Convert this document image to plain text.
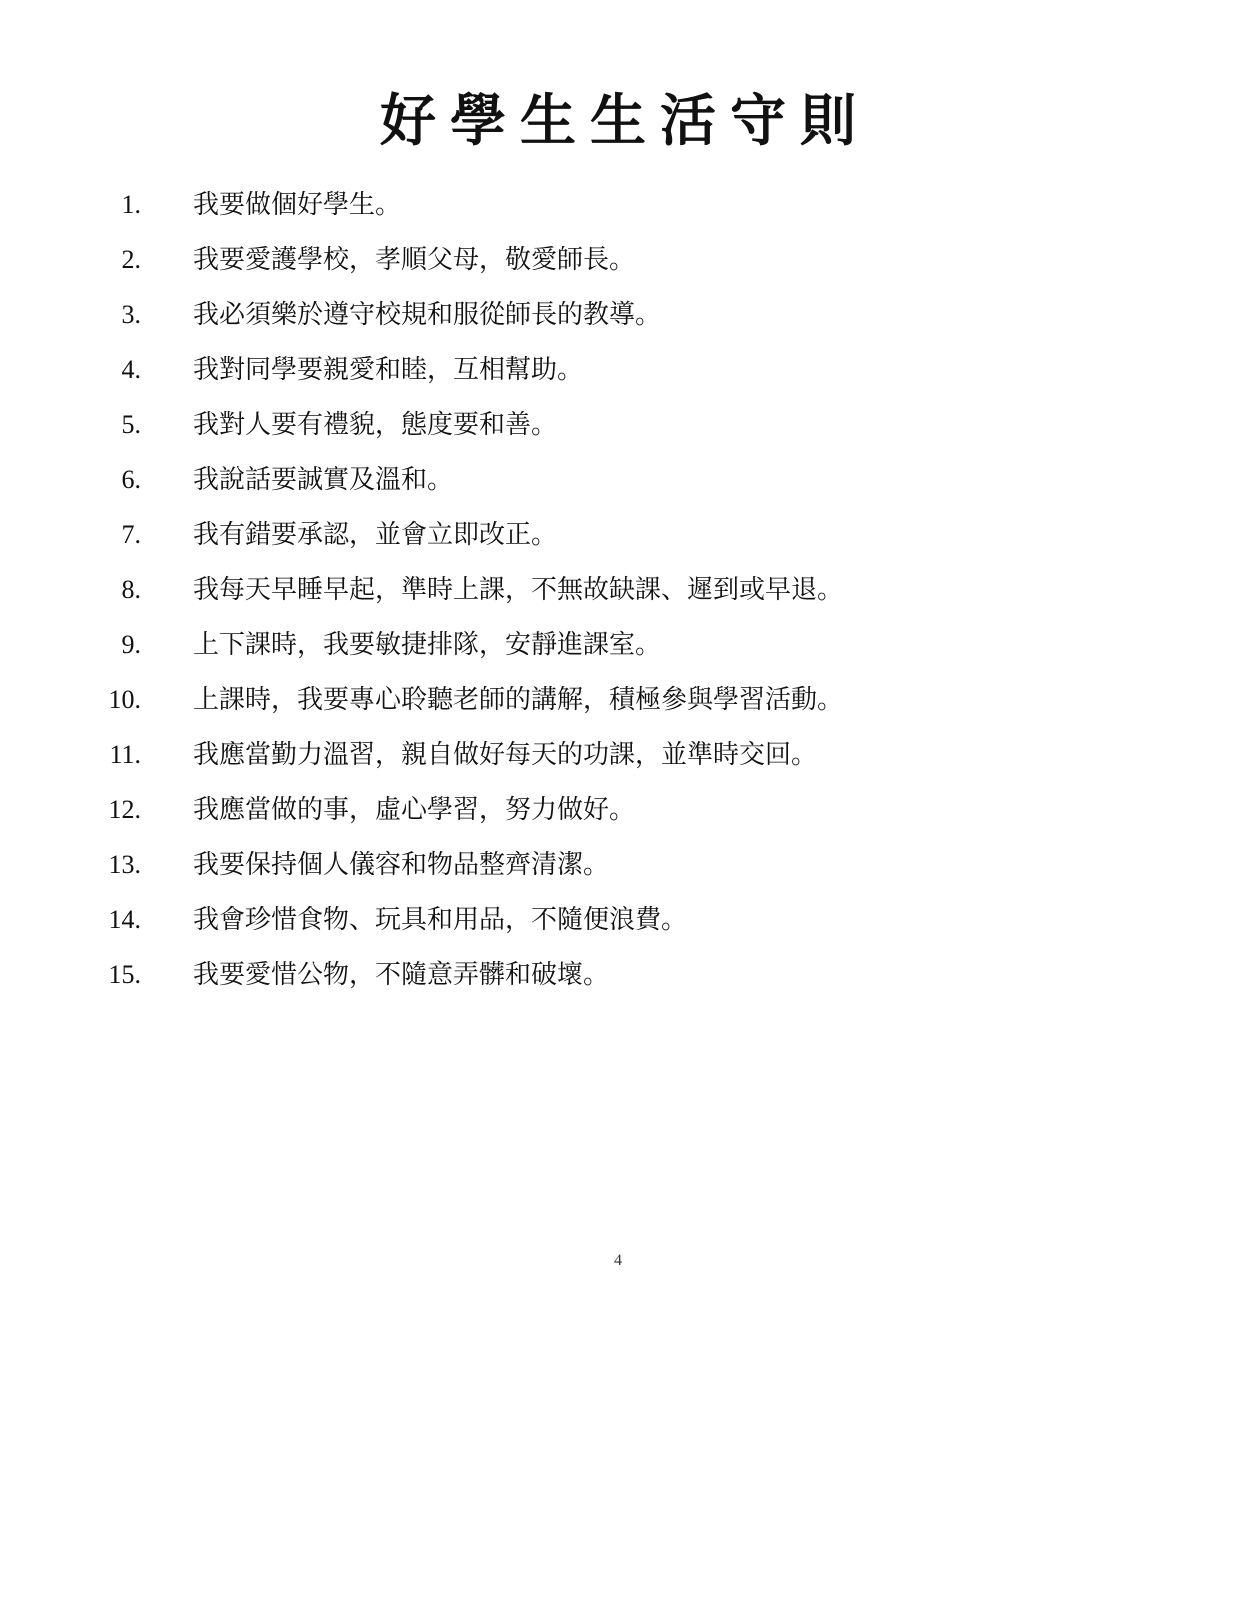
好學生生活守則
1. 我要做個好學生。
2. 我要愛護學校，孝順父母，敬愛師長。
3. 我必須樂於遵守校規和服從師長的教導。
4. 我對同學要親愛和睦，互相幫助。
5. 我對人要有禮貌，態度要和善。
6. 我說話要誠實及溫和。
7. 我有錯要承認，並會立即改正。
8. 我每天早睡早起，準時上課，不無故缺課、遲到或早退。
9. 上下課時，我要敏捷排隊，安靜進課室。
10. 上課時，我要專心聆聽老師的講解，積極參與學習活動。
11. 我應當勤力溫習，親自做好每天的功課，並準時交回。
12. 我應當做的事，虛心學習，努力做好。
13. 我要保持個人儀容和物品整齊清潔。
14. 我會珍惜食物、玩具和用品，不隨便浪費。
15. 我要愛惜公物，不隨意弄髒和破壞。
4
